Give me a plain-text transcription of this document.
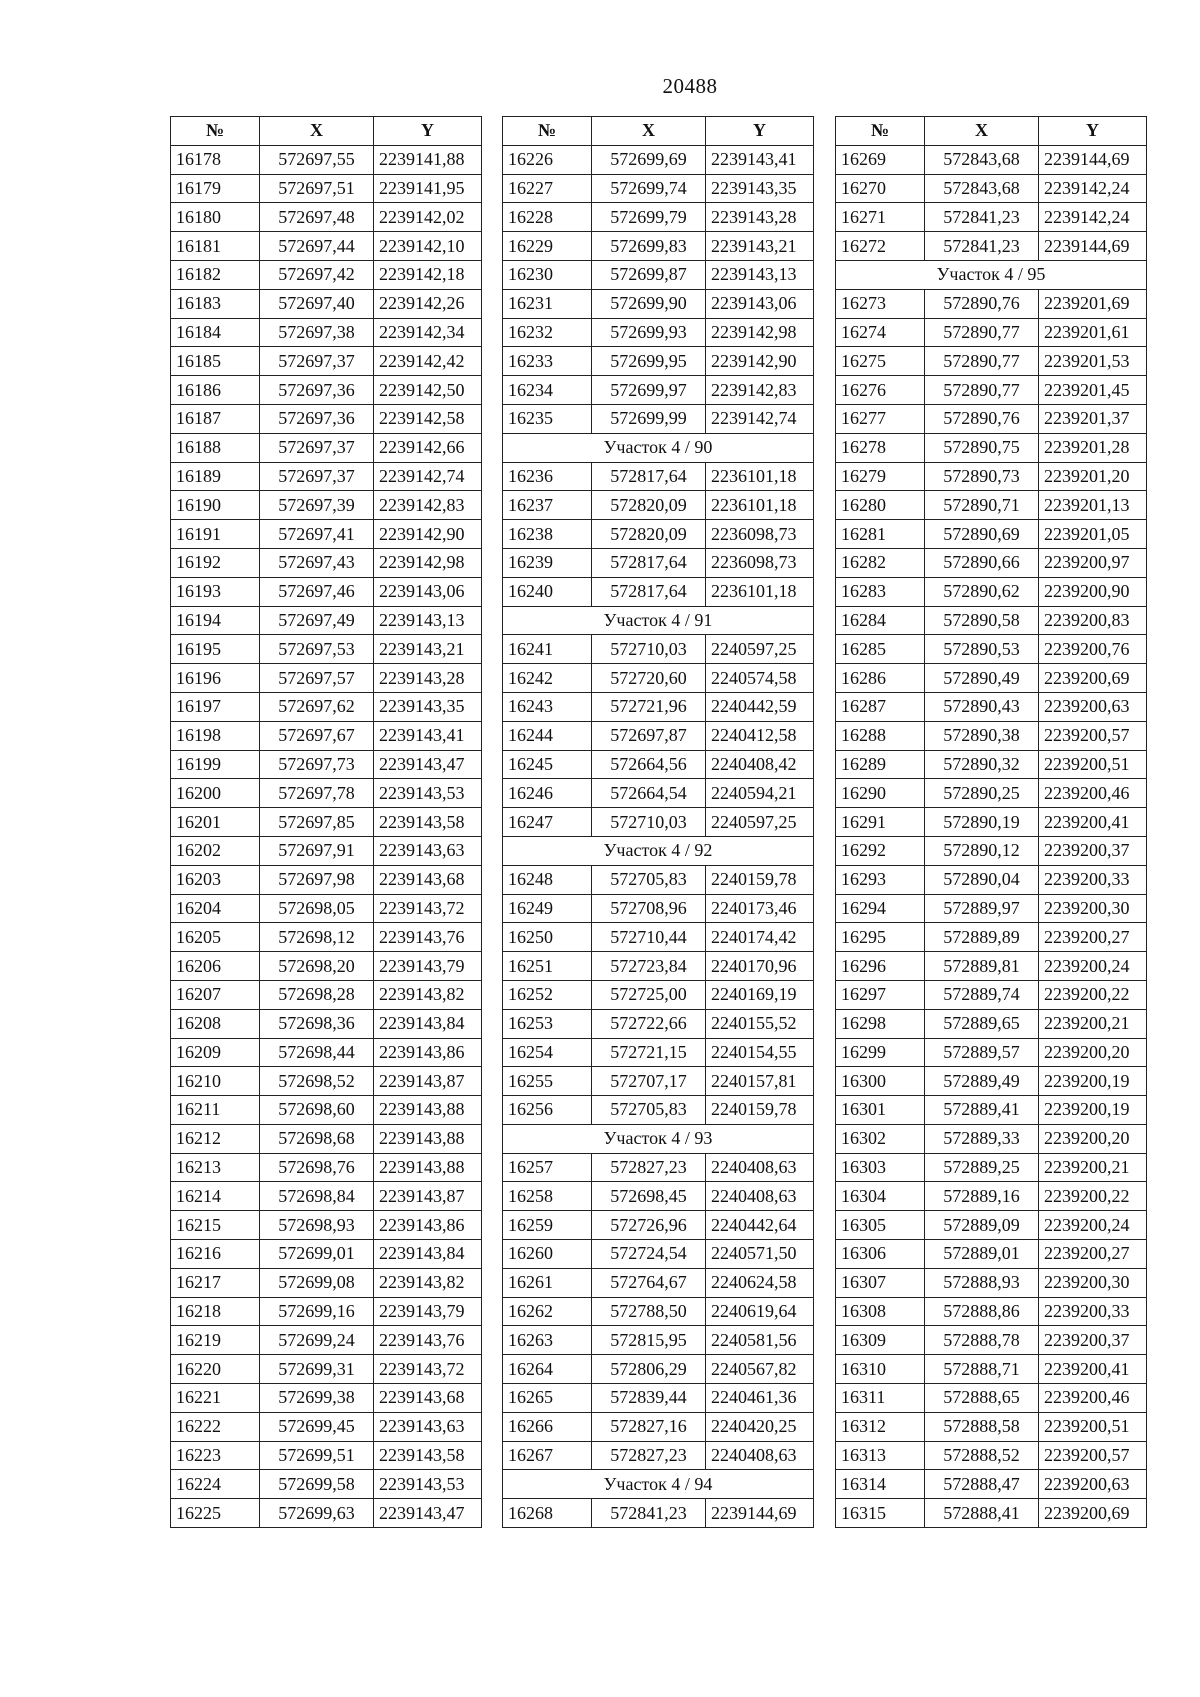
20488
№	X	Y
16178	572697,55	2239141,88
16179	572697,51	2239141,95
16180	572697,48	2239142,02
16181	572697,44	2239142,10
16182	572697,42	2239142,18
16183	572697,40	2239142,26
16184	572697,38	2239142,34
16185	572697,37	2239142,42
16186	572697,36	2239142,50
16187	572697,36	2239142,58
16188	572697,37	2239142,66
16189	572697,37	2239142,74
16190	572697,39	2239142,83
16191	572697,41	2239142,90
16192	572697,43	2239142,98
16193	572697,46	2239143,06
16194	572697,49	2239143,13
16195	572697,53	2239143,21
16196	572697,57	2239143,28
16197	572697,62	2239143,35
16198	572697,67	2239143,41
16199	572697,73	2239143,47
16200	572697,78	2239143,53
16201	572697,85	2239143,58
16202	572697,91	2239143,63
16203	572697,98	2239143,68
16204	572698,05	2239143,72
16205	572698,12	2239143,76
16206	572698,20	2239143,79
16207	572698,28	2239143,82
16208	572698,36	2239143,84
16209	572698,44	2239143,86
16210	572698,52	2239143,87
16211	572698,60	2239143,88
16212	572698,68	2239143,88
16213	572698,76	2239143,88
16214	572698,84	2239143,87
16215	572698,93	2239143,86
16216	572699,01	2239143,84
16217	572699,08	2239143,82
16218	572699,16	2239143,79
16219	572699,24	2239143,76
16220	572699,31	2239143,72
16221	572699,38	2239143,68
16222	572699,45	2239143,63
16223	572699,51	2239143,58
16224	572699,58	2239143,53
16225	572699,63	2239143,47
№	X	Y
16226	572699,69	2239143,41
16227	572699,74	2239143,35
16228	572699,79	2239143,28
16229	572699,83	2239143,21
16230	572699,87	2239143,13
16231	572699,90	2239143,06
16232	572699,93	2239142,98
16233	572699,95	2239142,90
16234	572699,97	2239142,83
16235	572699,99	2239142,74
Участок 4 / 90		
16236	572817,64	2236101,18
16237	572820,09	2236101,18
16238	572820,09	2236098,73
16239	572817,64	2236098,73
16240	572817,64	2236101,18
Участок 4 / 91		
16241	572710,03	2240597,25
16242	572720,60	2240574,58
16243	572721,96	2240442,59
16244	572697,87	2240412,58
16245	572664,56	2240408,42
16246	572664,54	2240594,21
16247	572710,03	2240597,25
Участок 4 / 92		
16248	572705,83	2240159,78
16249	572708,96	2240173,46
16250	572710,44	2240174,42
16251	572723,84	2240170,96
16252	572725,00	2240169,19
16253	572722,66	2240155,52
16254	572721,15	2240154,55
16255	572707,17	2240157,81
16256	572705,83	2240159,78
Участок 4 / 93		
16257	572827,23	2240408,63
16258	572698,45	2240408,63
16259	572726,96	2240442,64
16260	572724,54	2240571,50
16261	572764,67	2240624,58
16262	572788,50	2240619,64
16263	572815,95	2240581,56
16264	572806,29	2240567,82
16265	572839,44	2240461,36
16266	572827,16	2240420,25
16267	572827,23	2240408,63
Участок 4 / 94		
16268	572841,23	2239144,69
№	X	Y
16269	572843,68	2239144,69
16270	572843,68	2239142,24
16271	572841,23	2239142,24
16272	572841,23	2239144,69
Участок 4 / 95		
16273	572890,76	2239201,69
16274	572890,77	2239201,61
16275	572890,77	2239201,53
16276	572890,77	2239201,45
16277	572890,76	2239201,37
16278	572890,75	2239201,28
16279	572890,73	2239201,20
16280	572890,71	2239201,13
16281	572890,69	2239201,05
16282	572890,66	2239200,97
16283	572890,62	2239200,90
16284	572890,58	2239200,83
16285	572890,53	2239200,76
16286	572890,49	2239200,69
16287	572890,43	2239200,63
16288	572890,38	2239200,57
16289	572890,32	2239200,51
16290	572890,25	2239200,46
16291	572890,19	2239200,41
16292	572890,12	2239200,37
16293	572890,04	2239200,33
16294	572889,97	2239200,30
16295	572889,89	2239200,27
16296	572889,81	2239200,24
16297	572889,74	2239200,22
16298	572889,65	2239200,21
16299	572889,57	2239200,20
16300	572889,49	2239200,19
16301	572889,41	2239200,19
16302	572889,33	2239200,20
16303	572889,25	2239200,21
16304	572889,16	2239200,22
16305	572889,09	2239200,24
16306	572889,01	2239200,27
16307	572888,93	2239200,30
16308	572888,86	2239200,33
16309	572888,78	2239200,37
16310	572888,71	2239200,41
16311	572888,65	2239200,46
16312	572888,58	2239200,51
16313	572888,52	2239200,57
16314	572888,47	2239200,63
16315	572888,41	2239200,69
